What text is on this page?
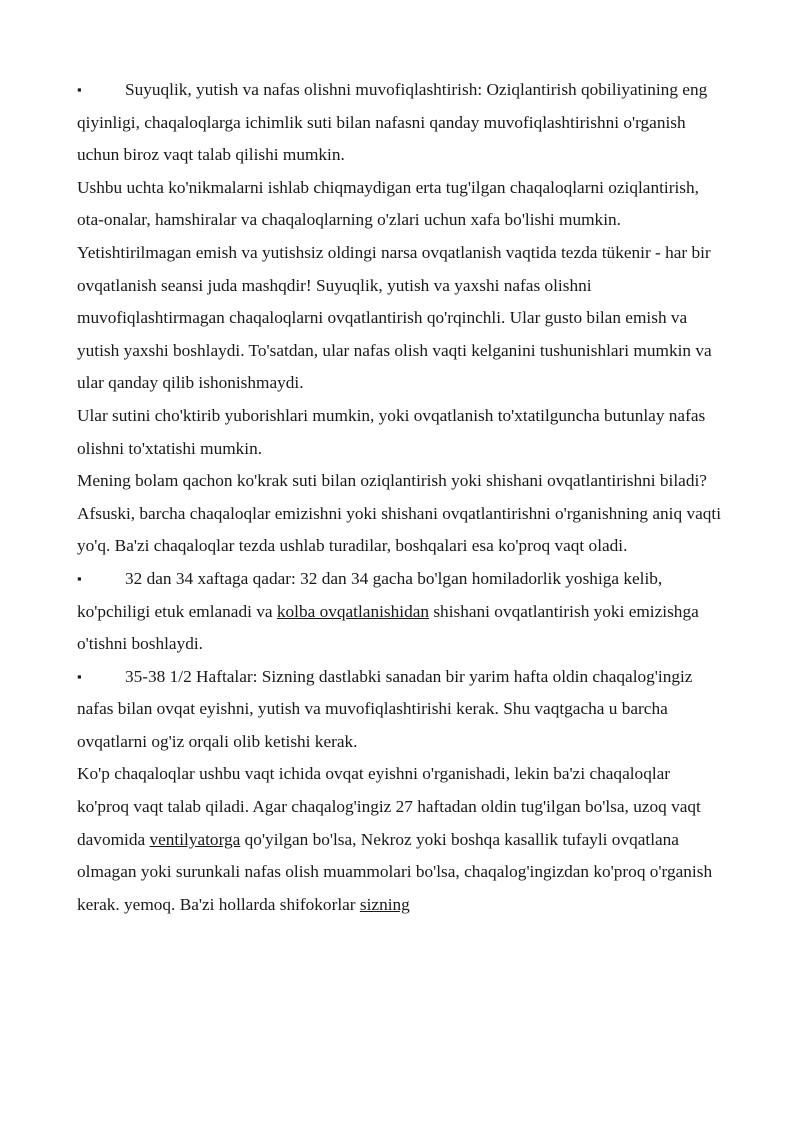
▪	Suyuqlik, yutish va nafas olishni muvofiqlashtirish: Oziqlantirish qobiliyatining eng qiyinligi, chaqaloqlarga ichimlik suti bilan nafasni qanday muvofiqlashtirishni o'rganish uchun biroz vaqt talab qilishi mumkin.

Ushbu uchta ko'nikmalarni ishlab chiqmaydigan erta tug'ilgan chaqaloqlarni oziqlantirish, ota-onalar, hamshiralar va chaqaloqlarning o'zlari uchun xafa bo'lishi mumkin.

Yetishtirilmagan emish va yutishsiz oldingi narsa ovqatlanish vaqtida tezda tükenir - har bir ovqatlanish seansi juda mashqdir! Suyuqlik, yutish va yaxshi nafas olishni muvofiqlashtirmagan chaqaloqlarni ovqatlantirish qo'rqinchli. Ular gusto bilan emish va yutish yaxshi boshlaydi. To'satdan, ular nafas olish vaqti kelganini tushunishlari mumkin va ular qanday qilib ishonishmaydi.

Ular sutini cho'ktirib yuborishlari mumkin, yoki ovqatlanish to'xtatilguncha butunlay nafas olishni to'xtatishi mumkin.

Mening bolam qachon ko'krak suti bilan oziqlantirish yoki shishani ovqatlantirishni biladi?

Afsuski, barcha chaqaloqlar emizishni yoki shishani ovqatlantirishni o'rganishning aniq vaqti yo'q. Ba'zi chaqaloqlar tezda ushlab turadilar, boshqalari esa ko'proq vaqt oladi.

▪	32 dan 34 xaftaga qadar: 32 dan 34 gacha bo'lgan homiladorlik yoshiga kelib, ko'pchiligi etuk emlanadi va kolba ovqatlanishidan shishani ovqatlantirish yoki emizishga o'tishni boshlaydi.

▪	35-38 1/2 Haftalar: Sizning dastlabki sanadan bir yarim hafta oldin chaqalog'ingiz nafas bilan ovqat eyishni, yutish va muvofiqlashtirishi kerak. Shu vaqtgacha u barcha ovqatlarni og'iz orqali olib ketishi kerak.

Ko'p chaqaloqlar ushbu vaqt ichida ovqat eyishni o'rganishadi, lekin ba'zi chaqaloqlar ko'proq vaqt talab qiladi. Agar chaqalog'ingiz 27 haftadan oldin tug'ilgan bo'lsa, uzoq vaqt davomida ventilyatorga qo'yilgan bo'lsa, Nekroz yoki boshqa kasallik tufayli ovqatlana olmagan yoki surunkali nafas olish muammolari bo'lsa, chaqalog'ingizdan ko'proq o'rganish kerak. yemoq. Ba'zi hollarda shifokorlar sizning
